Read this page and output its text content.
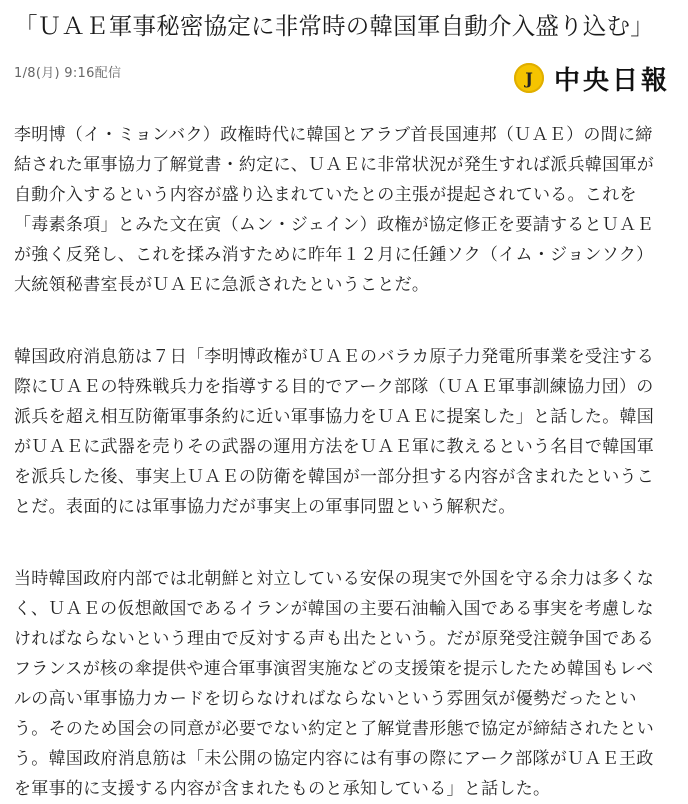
「ＵＡＥ軍事秘密協定に非常時の韓国軍自動介入盛り込む」
1/8(月) 9:16配信	J 中央日報

李明博（イ・ミョンバク）政権時代に韓国とアラブ首長国連邦（ＵＡＥ）の間に締
結された軍事協力了解覚書・約定に、ＵＡＥに非常状況が発生すれば派兵韓国軍が
自動介入するという内容が盛り込まれていたとの主張が提起されている。これを
「毒素条項」とみた文在寅（ムン・ジェイン）政権が協定修正を要請するとＵＡＥ
が強く反発し、これを揉み消すために昨年１２月に任鍾ソク（イム・ジョンソク）
大統領秘書室長がＵＡＥに急派されたということだ。

韓国政府消息筋は７日「李明博政権がＵＡＥのバラカ原子力発電所事業を受注する
際にＵＡＥの特殊戦兵力を指導する目的でアーク部隊（ＵＡＥ軍事訓練協力団）の
派兵を超え相互防衛軍事条約に近い軍事協力をＵＡＥに提案した」と話した。韓国
がＵＡＥに武器を売りその武器の運用方法をＵＡＥ軍に教えるという名目で韓国軍
を派兵した後、事実上ＵＡＥの防衛を韓国が一部分担する内容が含まれたというこ
とだ。表面的には軍事協力だが事実上の軍事同盟という解釈だ。

当時韓国政府内部では北朝鮮と対立している安保の現実で外国を守る余力は多くな
く、ＵＡＥの仮想敵国であるイランが韓国の主要石油輸入国である事実を考慮しな
ければならないという理由で反対する声も出たという。だが原発受注競争国である
フランスが核の傘提供や連合軍事演習実施などの支援策を提示したため韓国もレベ
ルの高い軍事協力カードを切らなければならないという雰囲気が優勢だったとい
う。そのため国会の同意が必要でない約定と了解覚書形態で協定が締結されたとい
う。韓国政府消息筋は「未公開の協定内容には有事の際にアーク部隊がＵＡＥ王政
を軍事的に支援する内容が含まれたものと承知している」と話した。
